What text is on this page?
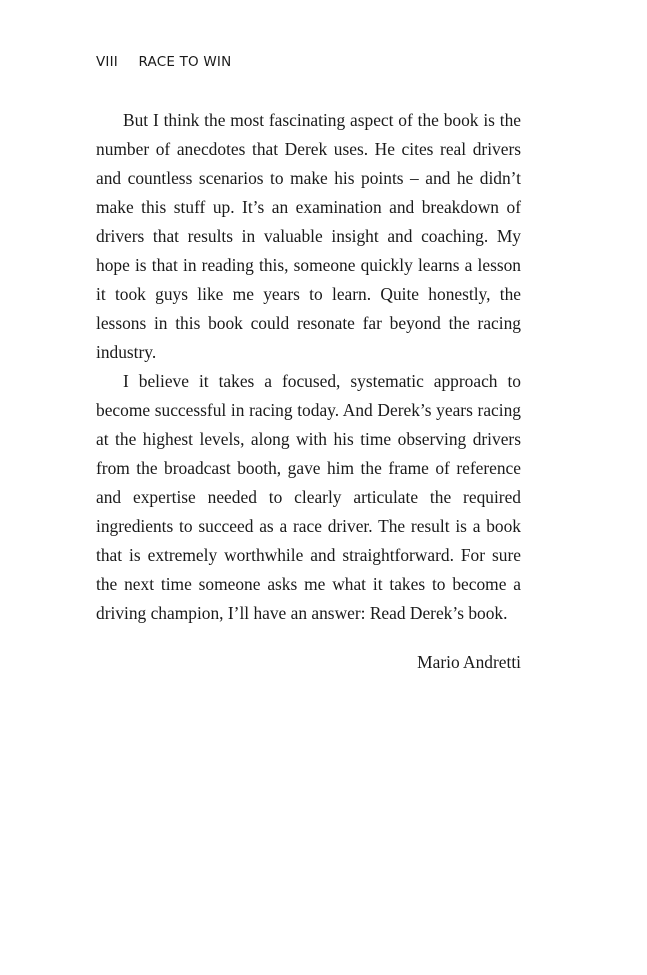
VIII RACE TO WIN

But I think the most fascinating aspect of the book is the number of anecdotes that Derek uses. He cites real drivers and countless scenarios to make his points – and he didn’t make this stuff up. It’s an examination and breakdown of drivers that results in valuable insight and coaching. My hope is that in reading this, someone quickly learns a lesson it took guys like me years to learn. Quite honestly, the lessons in this book could resonate far beyond the racing industry.

I believe it takes a focused, systematic approach to become successful in racing today. And Derek’s years racing at the highest levels, along with his time observing drivers from the broadcast booth, gave him the frame of reference and expertise needed to clearly articulate the required ingredients to succeed as a race driver. The result is a book that is extremely worthwhile and straightforward. For sure the next time someone asks me what it takes to become a driving champion, I’ll have an answer: Read Derek’s book.

Mario Andretti
